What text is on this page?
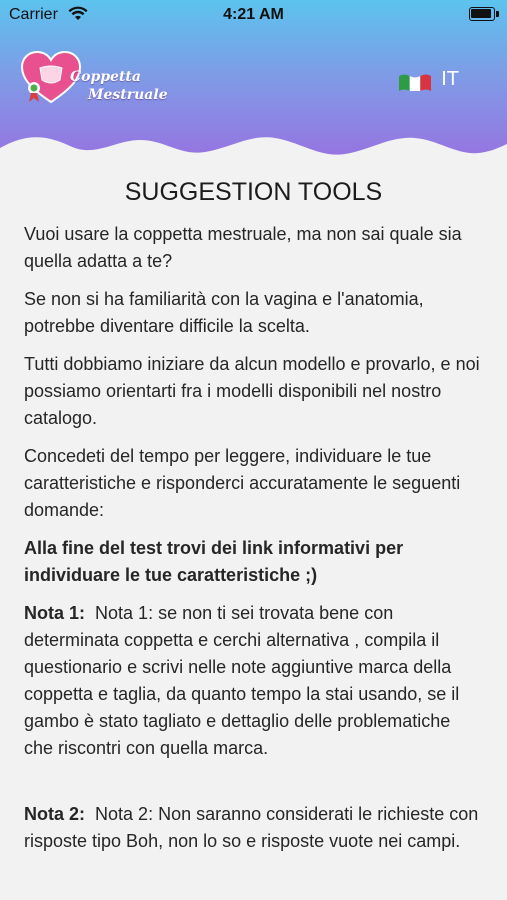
Carrier	4:21 AM
Coppetta
Mestruale
IT
SUGGESTION TOOLS

Vuoi usare la coppetta mestruale, ma non sai quale sia quella adatta a te?

Se non si ha familiarità con la vagina e l'anatomia, potrebbe diventare difficile la scelta.

Tutti dobbiamo iniziare da alcun modello e provarlo, e noi possiamo orientarti fra i modelli disponibili nel nostro catalogo.

Concedeti del tempo per leggere, individuare le tue caratteristiche e risponderci accuratamente le seguenti domande:

Alla fine del test trovi dei link informativi per individuare le tue caratteristiche ;)

Nota 1: Nota 1: se non ti sei trovata bene con determinata coppetta e cerchi alternativa , compila il questionario e scrivi nelle note aggiuntive marca della coppetta e taglia, da quanto tempo la stai usando, se il gambo è stato tagliato e dettaglio delle problematiche che riscontri con quella marca.

Nota 2: Nota 2: Non saranno considerati le richieste con risposte tipo Boh, non lo so e risposte vuote nei campi.
